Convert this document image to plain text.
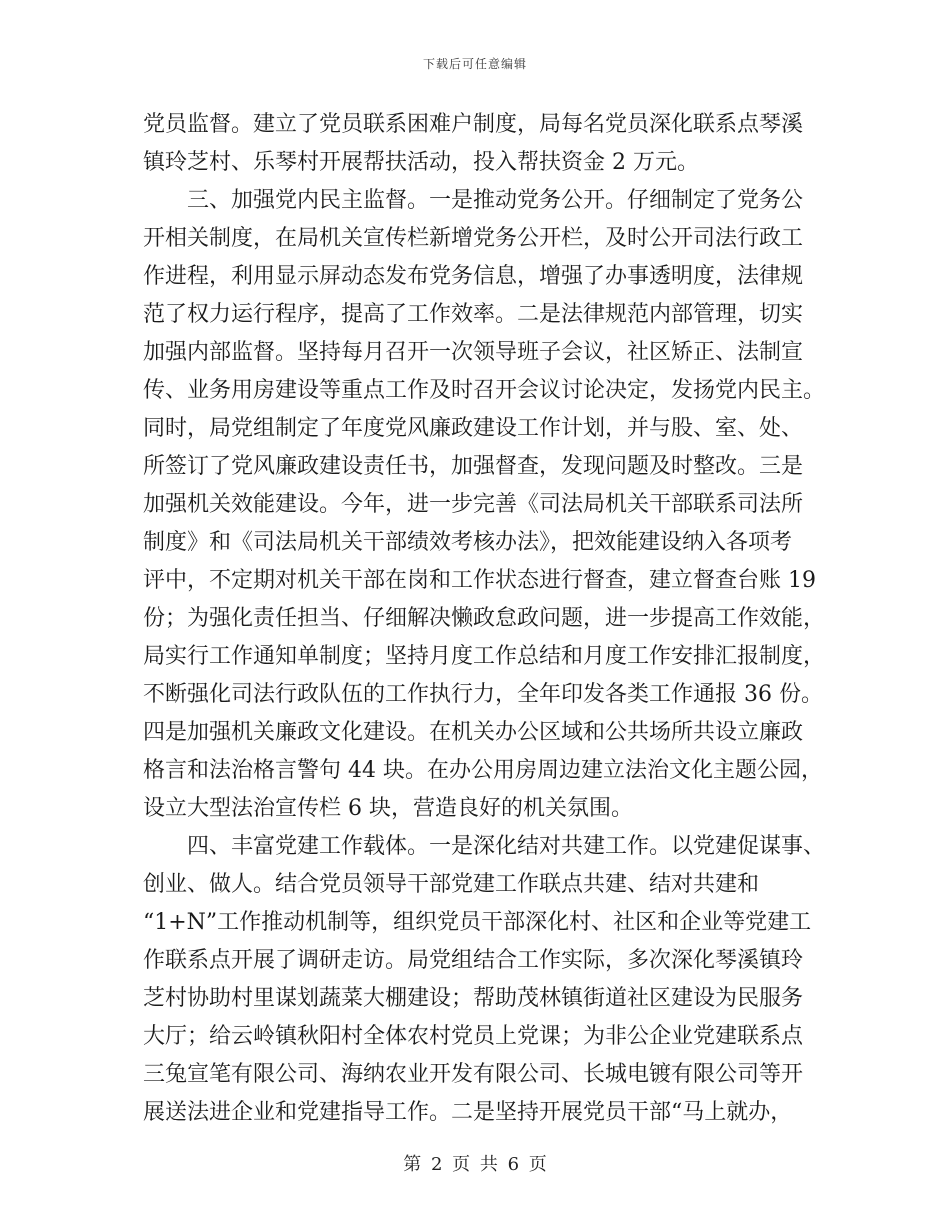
下载后可任意编辑
党员监督。建立了党员联系困难户制度，局每名党员深化联系点琴溪
镇玲芝村、乐琴村开展帮扶活动，投入帮扶资金 2 万元。
　　三、加强党内民主监督。一是推动党务公开。仔细制定了党务公
开相关制度，在局机关宣传栏新增党务公开栏，及时公开司法行政工
作进程，利用显示屏动态发布党务信息，增强了办事透明度，法律规
范了权力运行程序，提高了工作效率。二是法律规范内部管理，切实
加强内部监督。坚持每月召开一次领导班子会议，社区矫正、法制宣
传、业务用房建设等重点工作及时召开会议讨论决定，发扬党内民主。
同时，局党组制定了年度党风廉政建设工作计划，并与股、室、处、
所签订了党风廉政建设责任书，加强督查，发现问题及时整改。三是
加强机关效能建设。今年，进一步完善《司法局机关干部联系司法所
制度》和《司法局机关干部绩效考核办法》，把效能建设纳入各项考
评中，不定期对机关干部在岗和工作状态进行督查，建立督查台账 19
份；为强化责任担当、仔细解决懒政怠政问题，进一步提高工作效能，
局实行工作通知单制度；坚持月度工作总结和月度工作安排汇报制度，
不断强化司法行政队伍的工作执行力，全年印发各类工作通报 36 份。
四是加强机关廉政文化建设。在机关办公区域和公共场所共设立廉政
格言和法治格言警句 44 块。在办公用房周边建立法治文化主题公园，
设立大型法治宣传栏 6 块，营造良好的机关氛围。
　　四、丰富党建工作载体。一是深化结对共建工作。以党建促谋事、
创业、做人。结合党员领导干部党建工作联点共建、结对共建和
“1+N”工作推动机制等，组织党员干部深化村、社区和企业等党建工
作联系点开展了调研走访。局党组结合工作实际，多次深化琴溪镇玲
芝村协助村里谋划蔬菜大棚建设；帮助茂林镇街道社区建设为民服务
大厅；给云岭镇秋阳村全体农村党员上党课；为非公企业党建联系点
三兔宣笔有限公司、海纳农业开发有限公司、长城电镀有限公司等开
展送法进企业和党建指导工作。二是坚持开展党员干部“马上就办，
第 2 页 共 6 页
